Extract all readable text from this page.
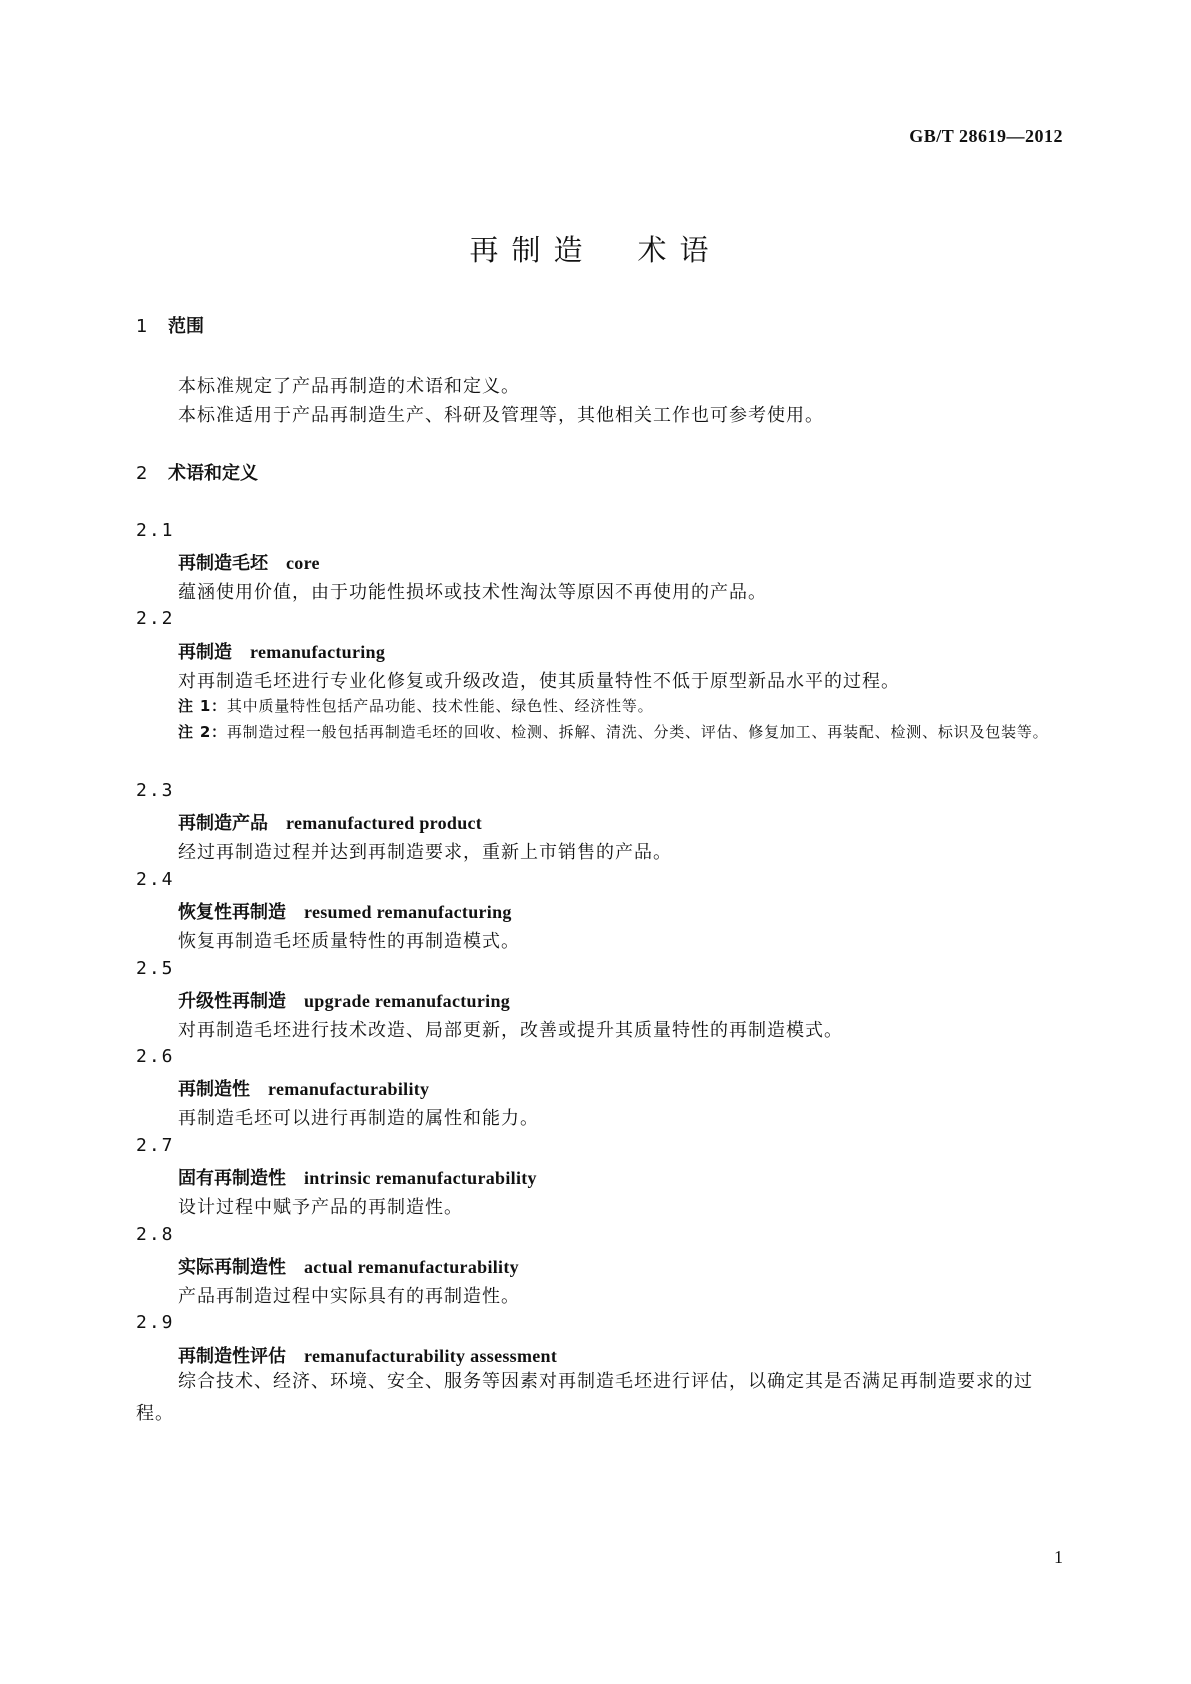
GB/T 28619—2012
再制造　术语
1 范围
本标准规定了产品再制造的术语和定义。
本标准适用于产品再制造生产、科研及管理等，其他相关工作也可参考使用。
2 术语和定义
2.1
再制造毛坯 core
蕴涵使用价值，由于功能性损坏或技术性淘汰等原因不再使用的产品。
2.2
再制造 remanufacturing
对再制造毛坯进行专业化修复或升级改造，使其质量特性不低于原型新品水平的过程。
注 1：其中质量特性包括产品功能、技术性能、绿色性、经济性等。
注 2：再制造过程一般包括再制造毛坯的回收、检测、拆解、清洗、分类、评估、修复加工、再装配、检测、标识及包装等。
2.3
再制造产品 remanufactured product
经过再制造过程并达到再制造要求，重新上市销售的产品。
2.4
恢复性再制造 resumed remanufacturing
恢复再制造毛坯质量特性的再制造模式。
2.5
升级性再制造 upgrade remanufacturing
对再制造毛坯进行技术改造、局部更新，改善或提升其质量特性的再制造模式。
2.6
再制造性 remanufacturability
再制造毛坯可以进行再制造的属性和能力。
2.7
固有再制造性 intrinsic remanufacturability
设计过程中赋予产品的再制造性。
2.8
实际再制造性 actual remanufacturability
产品再制造过程中实际具有的再制造性。
2.9
再制造性评估 remanufacturability assessment
综合技术、经济、环境、安全、服务等因素对再制造毛坯进行评估，以确定其是否满足再制造要求的过程。
1
